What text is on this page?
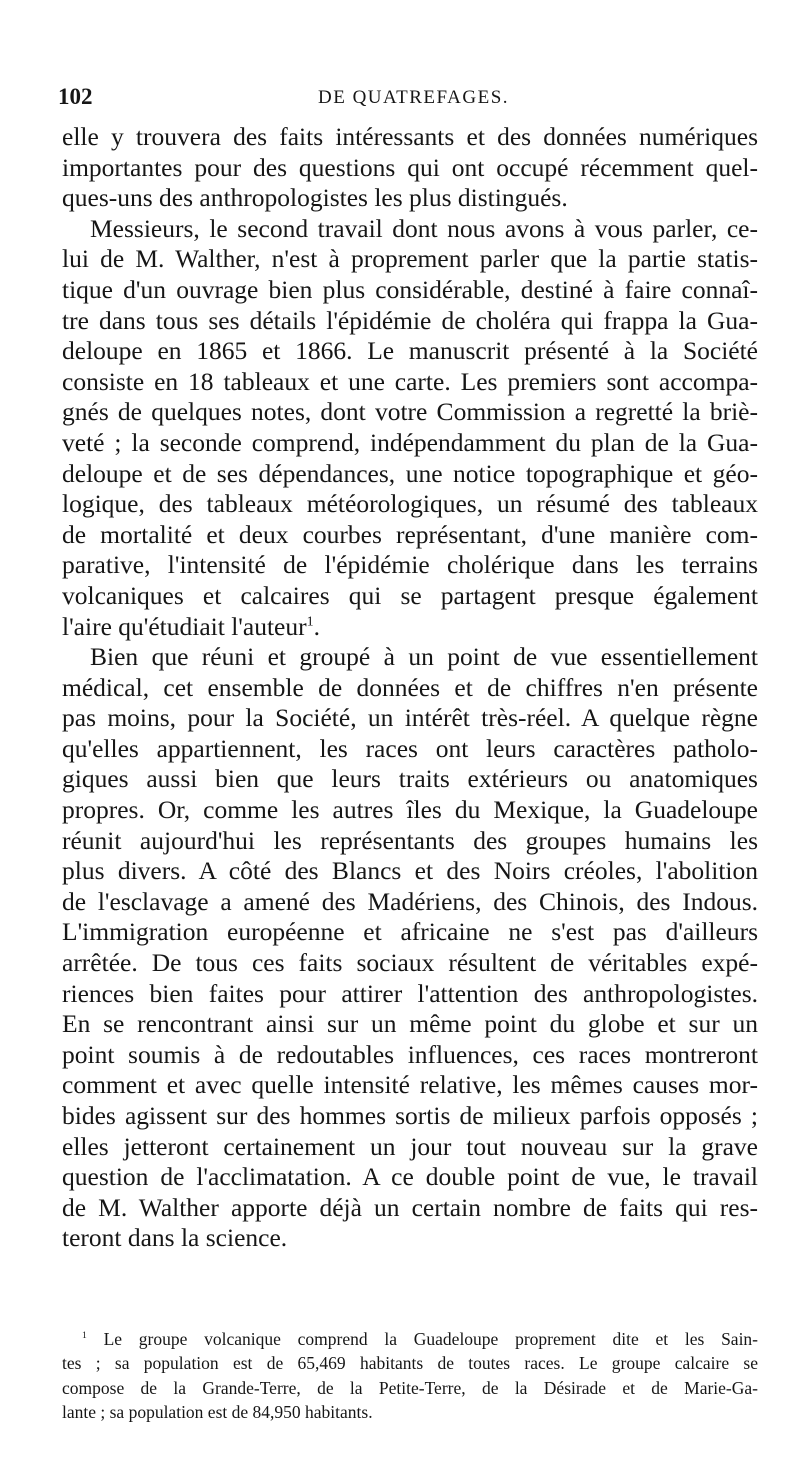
102	DE QUATREFAGES.
elle y trouvera des faits intéressants et des données numériques
importantes pour des questions qui ont occupé récemment quel-
ques-uns des anthropologistes les plus distingués.
Messieurs, le second travail dont nous avons à vous parler, ce-
lui de M. Walther, n'est à proprement parler que la partie statis-
tique d'un ouvrage bien plus considérable, destiné à faire connaî-
tre dans tous ses détails l'épidémie de choléra qui frappa la Gua-
deloupe en 1865 et 1866. Le manuscrit présenté à la Société
consiste en 18 tableaux et une carte. Les premiers sont accompa-
gnés de quelques notes, dont votre Commission a regretté la briè-
veté ; la seconde comprend, indépendamment du plan de la Gua-
deloupe et de ses dépendances, une notice topographique et géo-
logique, des tableaux météorologiques, un résumé des tableaux
de mortalité et deux courbes représentant, d'une manière com-
parative, l'intensité de l'épidémie cholérique dans les terrains
volcaniques et calcaires qui se partagent presque également
l'aire qu'étudiait l'auteur$^1$.
Bien que réuni et groupé à un point de vue essentiellement
médical, cet ensemble de données et de chiffres n'en présente
pas moins, pour la Société, un intérêt très-réel. A quelque règne
qu'elles appartiennent, les races ont leurs caractères patholo-
giques aussi bien que leurs traits extérieurs ou anatomiques
propres. Or, comme les autres îles du Mexique, la Guadeloupe
réunit aujourd'hui les représentants des groupes humains les
plus divers. A côté des Blancs et des Noirs créoles, l'abolition
de l'esclavage a amené des Madériens, des Chinois, des Indous.
L'immigration européenne et africaine ne s'est pas d'ailleurs
arrêtée. De tous ces faits sociaux résultent de véritables expé-
riences bien faites pour attirer l'attention des anthropologistes.
En se rencontrant ainsi sur un même point du globe et sur un
point soumis à de redoutables influences, ces races montreront
comment et avec quelle intensité relative, les mêmes causes mor-
bides agissent sur des hommes sortis de milieux parfois opposés ;
elles jetteront certainement un jour tout nouveau sur la grave
question de l'acclimatation. A ce double point de vue, le travail
de M. Walther apporte déjà un certain nombre de faits qui res-
teront dans la science.
$^1$ Le groupe volcanique comprend la Guadeloupe proprement dite et les Sain-
tes ; sa population est de 65,469 habitants de toutes races. Le groupe calcaire se
compose de la Grande-Terre, de la Petite-Terre, de la Désirade et de Marie-Ga-
lante ; sa population est de 84,950 habitants.
